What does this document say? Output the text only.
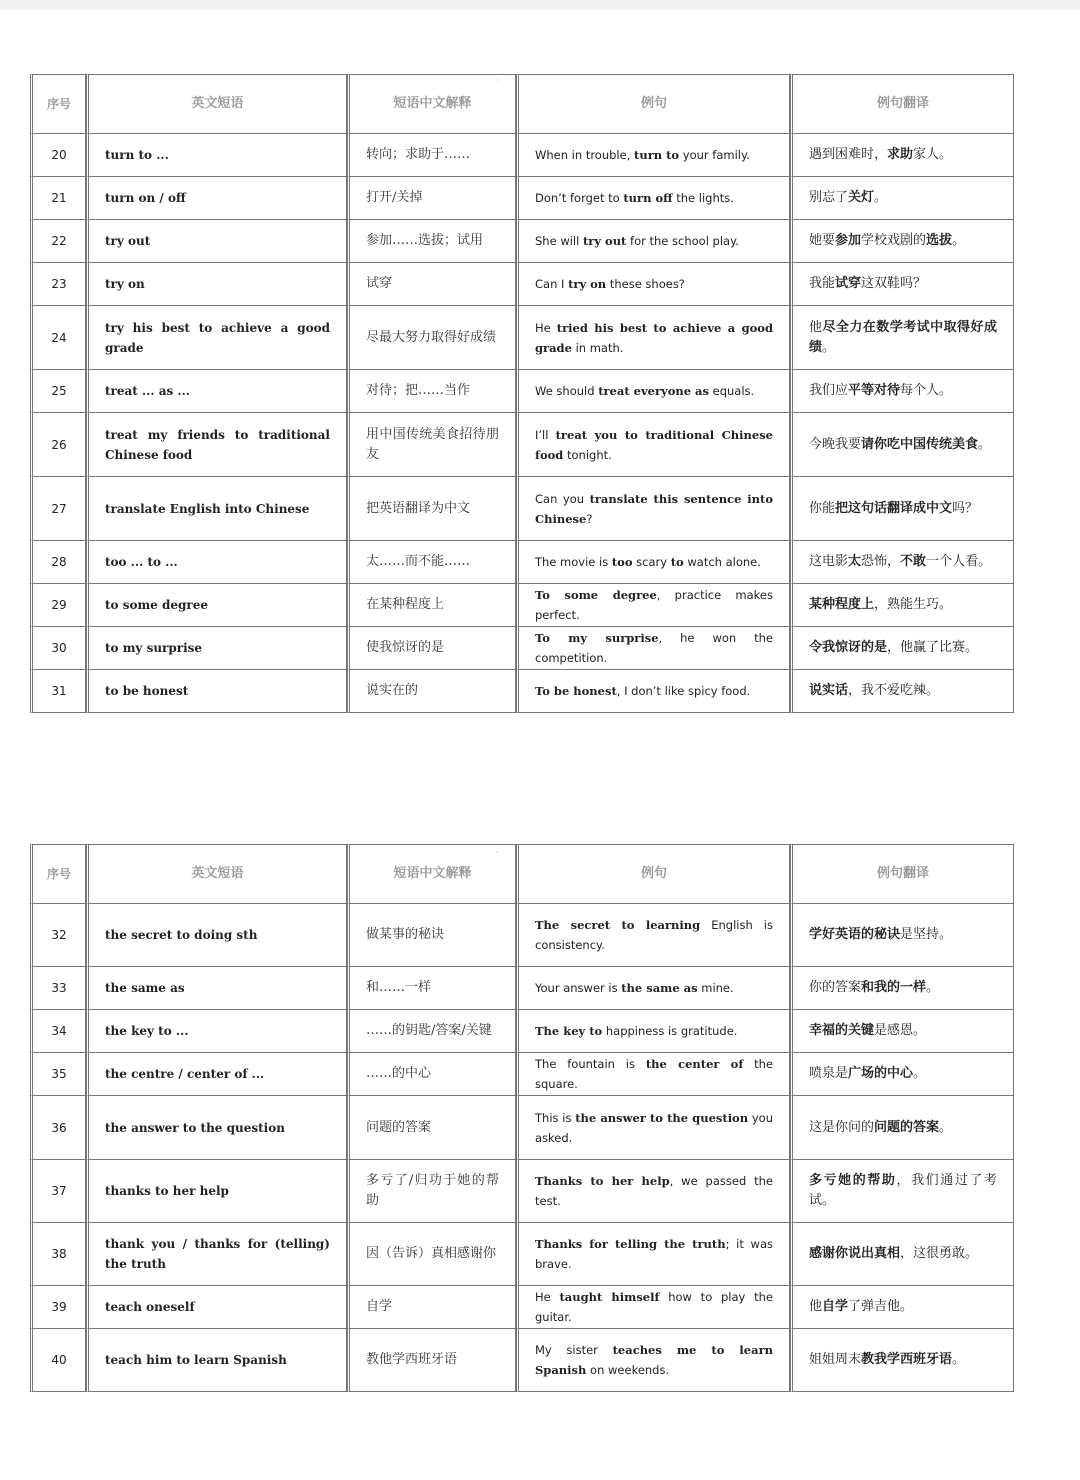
·
序号	英文短语	短语中文解释	例句	例句翻译
20	turn to ...	转向；求助于……	When in trouble, turn to your family.	遇到困难时，求助家人。
21	turn on / off	打开/关掉	Don’t forget to turn off the lights.	别忘了关灯。
22	try out	参加……选拔；试用	She will try out for the school play.	她要参加学校戏剧的选拔。
23	try on	试穿	Can I try on these shoes?	我能试穿这双鞋吗？
24	try his best to achieve a good grade	尽最大努力取得好成绩	He tried his best to achieve a good grade in math.	他尽全力在数学考试中取得好成绩。
25	treat ... as ...	对待；把……当作	We should treat everyone as equals.	我们应平等对待每个人。
26	treat my friends to traditional Chinese food	用中国传统美食招待朋友	I’ll treat you to traditional Chinese food tonight.	今晚我要请你吃中国传统美食。
27	translate English into Chinese	把英语翻译为中文	Can you translate this sentence into Chinese?	你能把这句话翻译成中文吗？
28	too ... to ...	太……而不能……	The movie is too scary to watch alone.	这电影太恐怖，不敢一个人看。
29	to some degree	在某种程度上	To some degree, practice makes perfect.	某种程度上，熟能生巧。
30	to my surprise	使我惊讶的是	To my surprise, he won the competition.	令我惊讶的是，他赢了比赛。
31	to be honest	说实在的	To be honest, I don’t like spicy food.	说实话，我不爱吃辣。
·
序号	英文短语	短语中文解释	例句	例句翻译
32	the secret to doing sth	做某事的秘诀	The secret to learning English is consistency.	学好英语的秘诀是坚持。
33	the same as	和……一样	Your answer is the same as mine.	你的答案和我的一样。
34	the key to ...	……的钥匙/答案/关键	The key to happiness is gratitude.	幸福的关键是感恩。
35	the centre / center of ...	……的中心	The fountain is the center of the square.	喷泉是广场的中心。
36	the answer to the question	问题的答案	This is the answer to the question you asked.	这是你问的问题的答案。
37	thanks to her help	多亏了/归功于她的帮助	Thanks to her help, we passed the test.	多亏她的帮助，我们通过了考试。
38	thank you / thanks for (telling) the truth	因（告诉）真相感谢你	Thanks for telling the truth; it was brave.	感谢你说出真相，这很勇敢。
39	teach oneself	自学	He taught himself how to play the guitar.	他自学了弹吉他。
40	teach him to learn Spanish	教他学西班牙语	My sister teaches me to learn Spanish on weekends.	姐姐周末教我学西班牙语。
